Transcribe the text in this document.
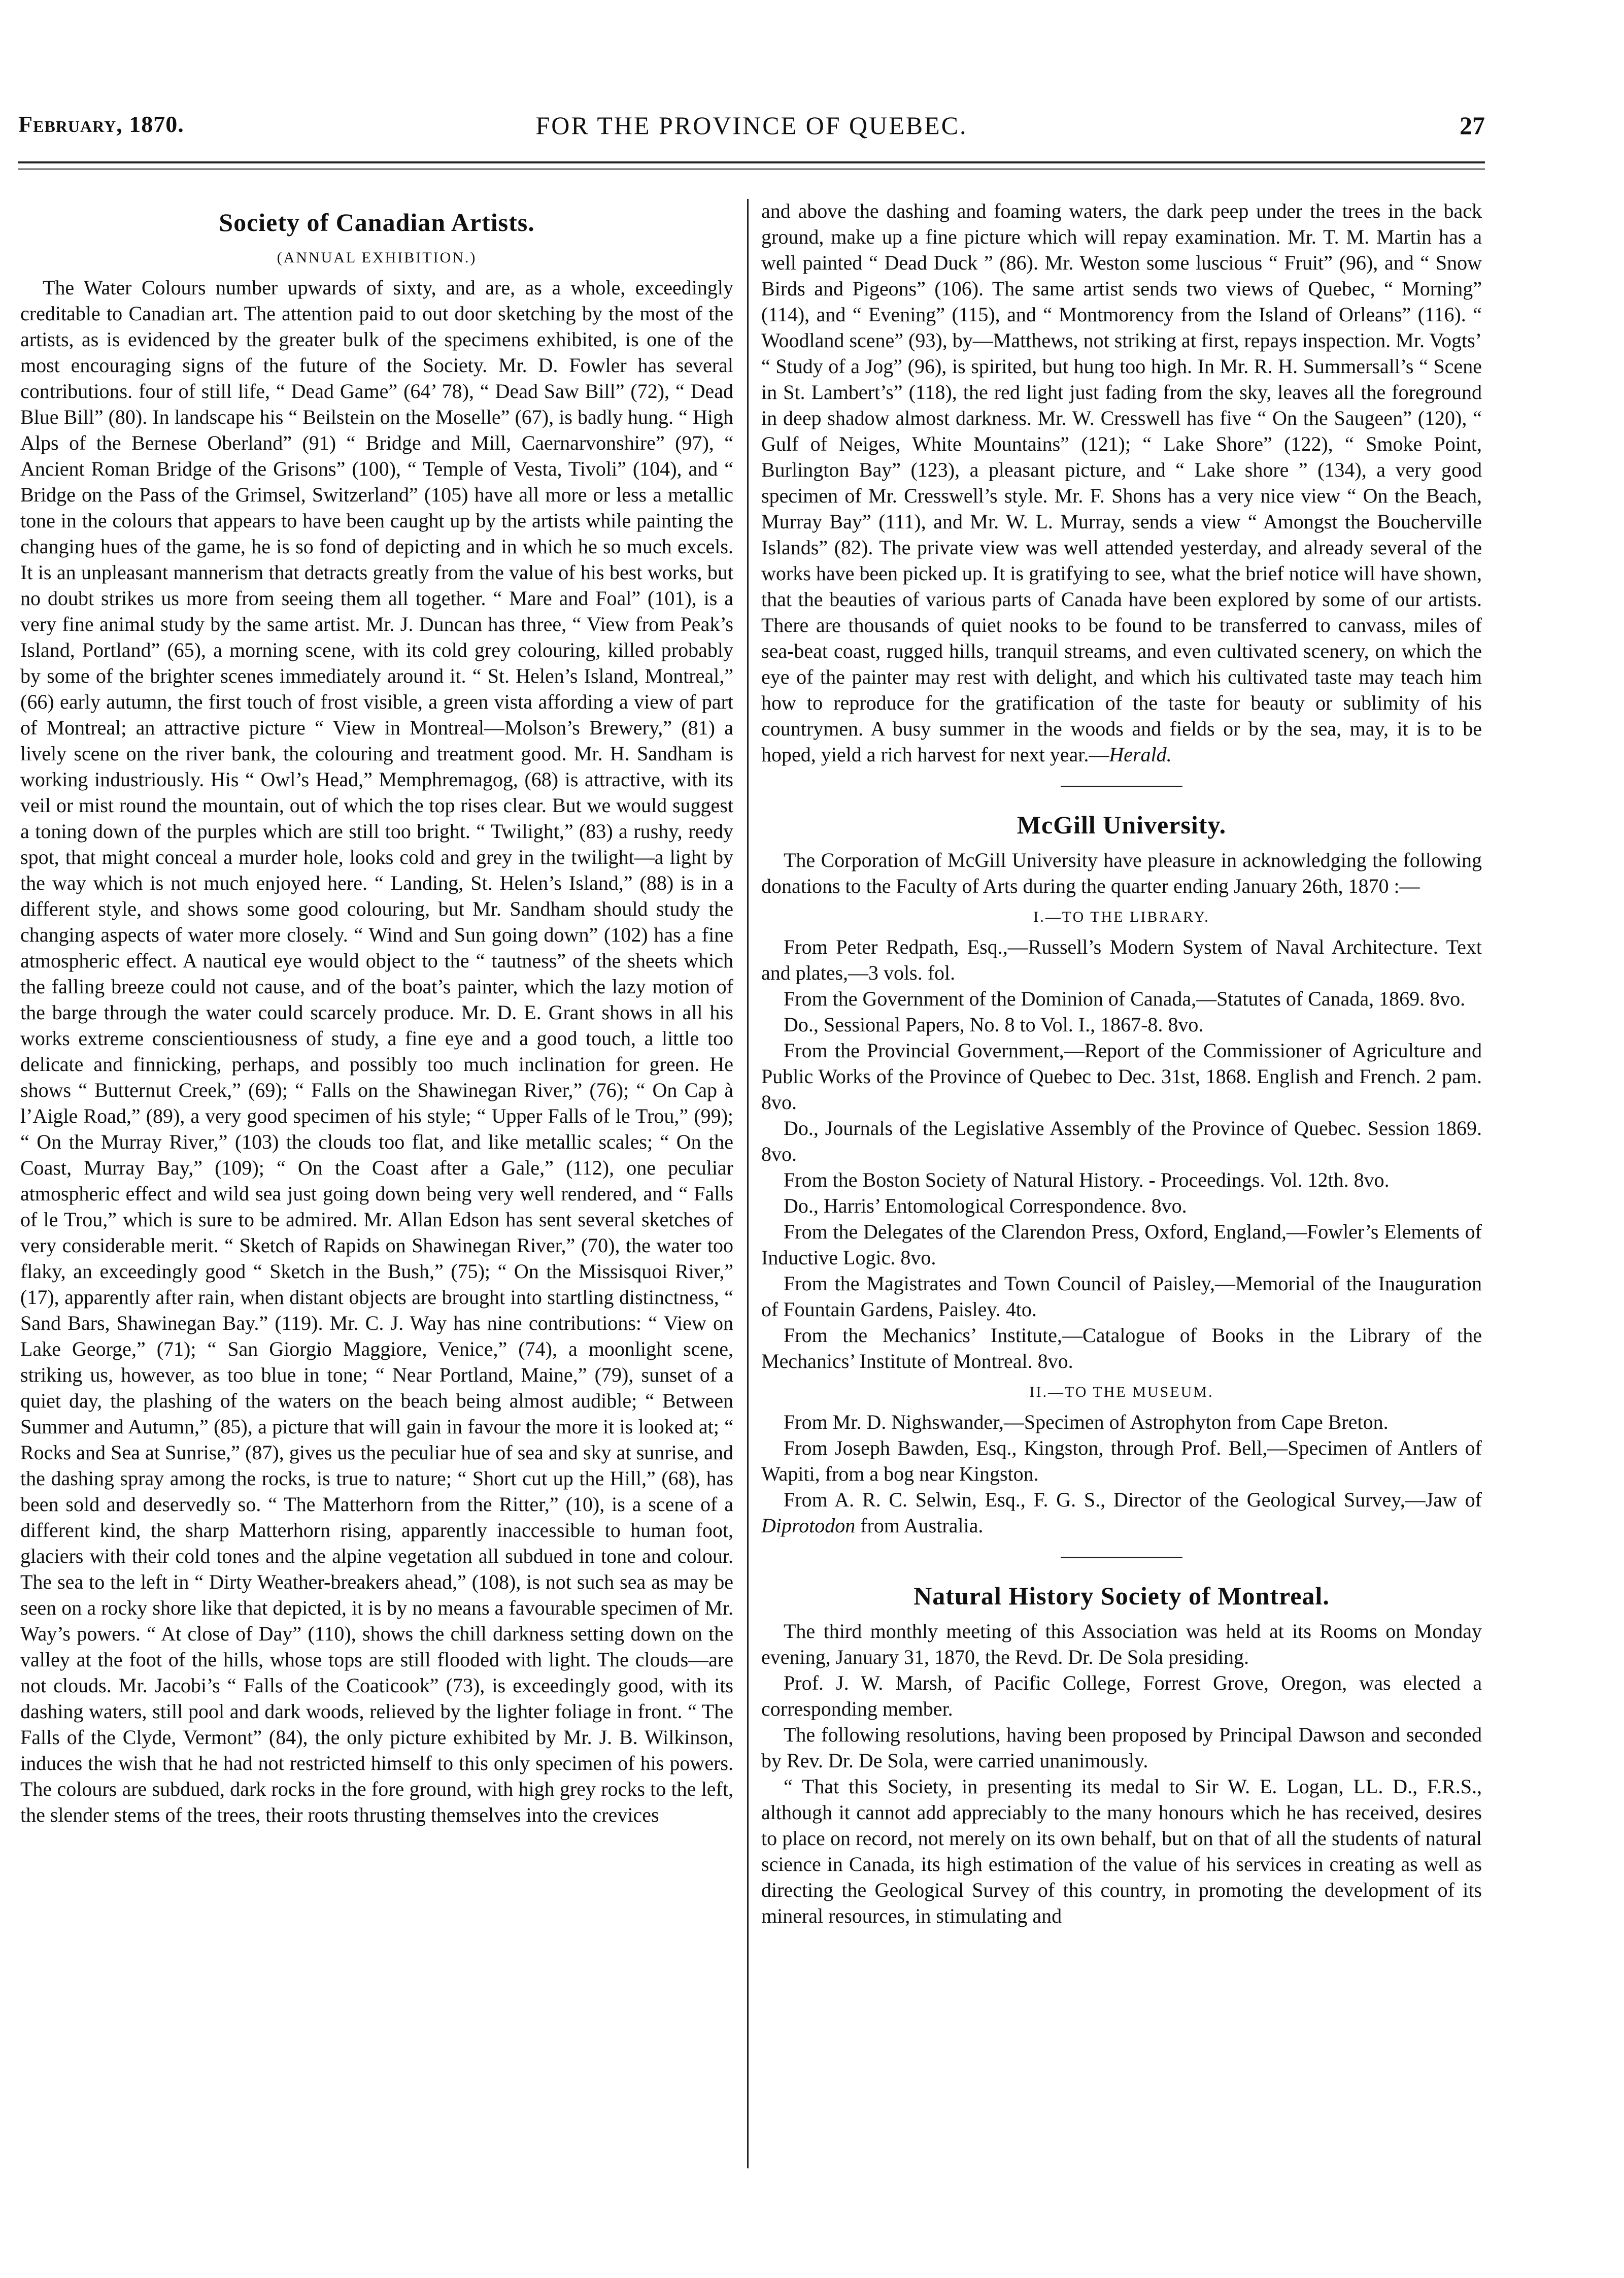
February, 1870.	FOR THE PROVINCE OF QUEBEC.	27
Society of Canadian Artists.
(ANNUAL EXHIBITION.)

The Water Colours number upwards of sixty, and are, as a whole, exceedingly creditable to Canadian art. The attention paid to out door sketching by the most of the artists, as is evidenced by the greater bulk of the specimens exhibited, is one of the most encouraging signs of the future of the Society. Mr. D. Fowler has several contributions. four of still life, “ Dead Game” (64’ 78), “ Dead Saw Bill” (72), “ Dead Blue Bill” (80). In landscape his “ Beilstein on the Moselle” (67), is badly hung. “ High Alps of the Bernese Oberland” (91) “ Bridge and Mill, Caernarvonshire” (97), “ Ancient Roman Bridge of the Grisons” (100), “ Temple of Vesta, Tivoli” (104), and “ Bridge on the Pass of the Grimsel, Switzerland” (105) have all more or less a metallic tone in the colours that appears to have been caught up by the artists while painting the changing hues of the game, he is so fond of depicting and in which he so much excels. It is an unpleasant mannerism that detracts greatly from the value of his best works, but no doubt strikes us more from seeing them all together. “ Mare and Foal” (101), is a very fine animal study by the same artist. Mr. J. Duncan has three, “ View from Peak’s Island, Portland” (65), a morning scene, with its cold grey colouring, killed probably by some of the brighter scenes immediately around it. “ St. Helen’s Island, Montreal,” (66) early autumn, the first touch of frost visible, a green vista affording a view of part of Montreal; an attractive picture “ View in Montreal—Molson’s Brewery,” (81) a lively scene on the river bank, the colouring and treatment good. Mr. H. Sandham is working industriously. His “ Owl’s Head,” Memphremagog, (68) is attractive, with its veil or mist round the mountain, out of which the top rises clear. But we would suggest a toning down of the purples which are still too bright. “ Twilight,” (83) a rushy, reedy spot, that might conceal a murder hole, looks cold and grey in the twilight—a light by the way which is not much enjoyed here. “ Landing, St. Helen’s Island,” (88) is in a different style, and shows some good colouring, but Mr. Sandham should study the changing aspects of water more closely. “ Wind and Sun going down” (102) has a fine atmospheric effect. A nautical eye would object to the “ tautness” of the sheets which the falling breeze could not cause, and of the boat’s painter, which the lazy motion of the barge through the water could scarcely produce. Mr. D. E. Grant shows in all his works extreme conscientiousness of study, a fine eye and a good touch, a little too delicate and finnicking, perhaps, and possibly too much inclination for green. He shows “ Butternut Creek,” (69); “ Falls on the Shawinegan River,” (76); “ On Cap à l’Aigle Road,” (89), a very good specimen of his style; “ Upper Falls of le Trou,” (99); “ On the Murray River,” (103) the clouds too flat, and like metallic scales; “ On the Coast, Murray Bay,” (109); “ On the Coast after a Gale,” (112), one peculiar atmospheric effect and wild sea just going down being very well rendered, and “ Falls of le Trou,” which is sure to be admired. Mr. Allan Edson has sent several sketches of very considerable merit. “ Sketch of Rapids on Shawinegan River,” (70), the water too flaky, an exceedingly good “ Sketch in the Bush,” (75); “ On the Missisquoi River,” (17), apparently after rain, when distant objects are brought into startling distinctness, “ Sand Bars, Shawinegan Bay.” (119). Mr. C. J. Way has nine contributions: “ View on Lake George,” (71); “ San Giorgio Maggiore, Venice,” (74), a moonlight scene, striking us, however, as too blue in tone; “ Near Portland, Maine,” (79), sunset of a quiet day, the plashing of the waters on the beach being almost audible; “ Between Summer and Autumn,” (85), a picture that will gain in favour the more it is looked at; “ Rocks and Sea at Sunrise,” (87), gives us the peculiar hue of sea and sky at sunrise, and the dashing spray among the rocks, is true to nature; “ Short cut up the Hill,” (68), has been sold and deservedly so. “ The Matterhorn from the Ritter,” (10), is a scene of a different kind, the sharp Matterhorn rising, apparently inaccessible to human foot, glaciers with their cold tones and the alpine vegetation all subdued in tone and colour. The sea to the left in “ Dirty Weather-breakers ahead,” (108), is not such sea as may be seen on a rocky shore like that depicted, it is by no means a favourable specimen of Mr. Way’s powers. “ At close of Day” (110), shows the chill darkness setting down on the valley at the foot of the hills, whose tops are still flooded with light. The clouds—are not clouds. Mr. Jacobi’s “ Falls of the Coaticook” (73), is exceedingly good, with its dashing waters, still pool and dark woods, relieved by the lighter foliage in front. “ The Falls of the Clyde, Vermont” (84), the only picture exhibited by Mr. J. B. Wilkinson, induces the wish that he had not restricted himself to this only specimen of his powers. The colours are subdued, dark rocks in the fore ground, with high grey rocks to the left, the slender stems of the trees, their roots thrusting themselves into the crevices

and above the dashing and foaming waters, the dark peep under the trees in the back ground, make up a fine picture which will repay examination. Mr. T. M. Martin has a well painted “ Dead Duck ” (86). Mr. Weston some luscious “ Fruit” (96), and “ Snow Birds and Pigeons” (106). The same artist sends two views of Quebec, “ Morning” (114), and “ Evening” (115), and “ Montmorency from the Island of Orleans” (116). “ Woodland scene” (93), by—Matthews, not striking at first, repays inspection. Mr. Vogts’ “ Study of a Jog” (96), is spirited, but hung too high. In Mr. R. H. Summersall’s “ Scene in St. Lambert’s” (118), the red light just fading from the sky, leaves all the foreground in deep shadow almost darkness. Mr. W. Cresswell has five “ On the Saugeen” (120), “ Gulf of Neiges, White Mountains” (121); “ Lake Shore” (122), “ Smoke Point, Burlington Bay” (123), a pleasant picture, and “ Lake shore ” (134), a very good specimen of Mr. Cresswell’s style. Mr. F. Shons has a very nice view “ On the Beach, Murray Bay” (111), and Mr. W. L. Murray, sends a view “ Amongst the Boucherville Islands” (82). The private view was well attended yesterday, and already several of the works have been picked up. It is gratifying to see, what the brief notice will have shown, that the beauties of various parts of Canada have been explored by some of our artists. There are thousands of quiet nooks to be found to be transferred to canvass, miles of sea-beat coast, rugged hills, tranquil streams, and even cultivated scenery, on which the eye of the painter may rest with delight, and which his cultivated taste may teach him how to reproduce for the gratification of the taste for beauty or sublimity of his countrymen. A busy summer in the woods and fields or by the sea, may, it is to be hoped, yield a rich harvest for next year.—Herald.

McGill University.

The Corporation of McGill University have pleasure in acknowledging the following donations to the Faculty of Arts during the quarter ending January 26th, 1870 :—

I.—TO THE LIBRARY.

From Peter Redpath, Esq.,—Russell’s Modern System of Naval Architecture. Text and plates,—3 vols. fol.

From the Government of the Dominion of Canada,—Statutes of Canada, 1869. 8vo.

Do., Sessional Papers, No. 8 to Vol. I., 1867-8. 8vo.

From the Provincial Government,—Report of the Commissioner of Agriculture and Public Works of the Province of Quebec to Dec. 31st, 1868. English and French. 2 pam. 8vo.

Do., Journals of the Legislative Assembly of the Province of Quebec. Session 1869. 8vo.

From the Boston Society of Natural History. - Proceedings. Vol. 12th. 8vo.

Do., Harris’ Entomological Correspondence. 8vo.

From the Delegates of the Clarendon Press, Oxford, England,—Fowler’s Elements of Inductive Logic. 8vo.

From the Magistrates and Town Council of Paisley,—Memorial of the Inauguration of Fountain Gardens, Paisley. 4to.

From the Mechanics’ Institute,—Catalogue of Books in the Library of the Mechanics’ Institute of Montreal. 8vo.

II.—TO THE MUSEUM.

From Mr. D. Nighswander,—Specimen of Astrophyton from Cape Breton.

From Joseph Bawden, Esq., Kingston, through Prof. Bell,—Specimen of Antlers of Wapiti, from a bog near Kingston.

From A. R. C. Selwin, Esq., F. G. S., Director of the Geological Survey,—Jaw of Diprotodon from Australia.

Natural History Society of Montreal.

The third monthly meeting of this Association was held at its Rooms on Monday evening, January 31, 1870, the Revd. Dr. De Sola presiding.

Prof. J. W. Marsh, of Pacific College, Forrest Grove, Oregon, was elected a corresponding member.

The following resolutions, having been proposed by Principal Dawson and seconded by Rev. Dr. De Sola, were carried unanimously.

“ That this Society, in presenting its medal to Sir W. E. Logan, LL. D., F.R.S., although it cannot add appreciably to the many honours which he has received, desires to place on record, not merely on its own behalf, but on that of all the students of natural science in Canada, its high estimation of the value of his services in creating as well as directing the Geological Survey of this country, in promoting the development of its mineral resources, in stimulating and
